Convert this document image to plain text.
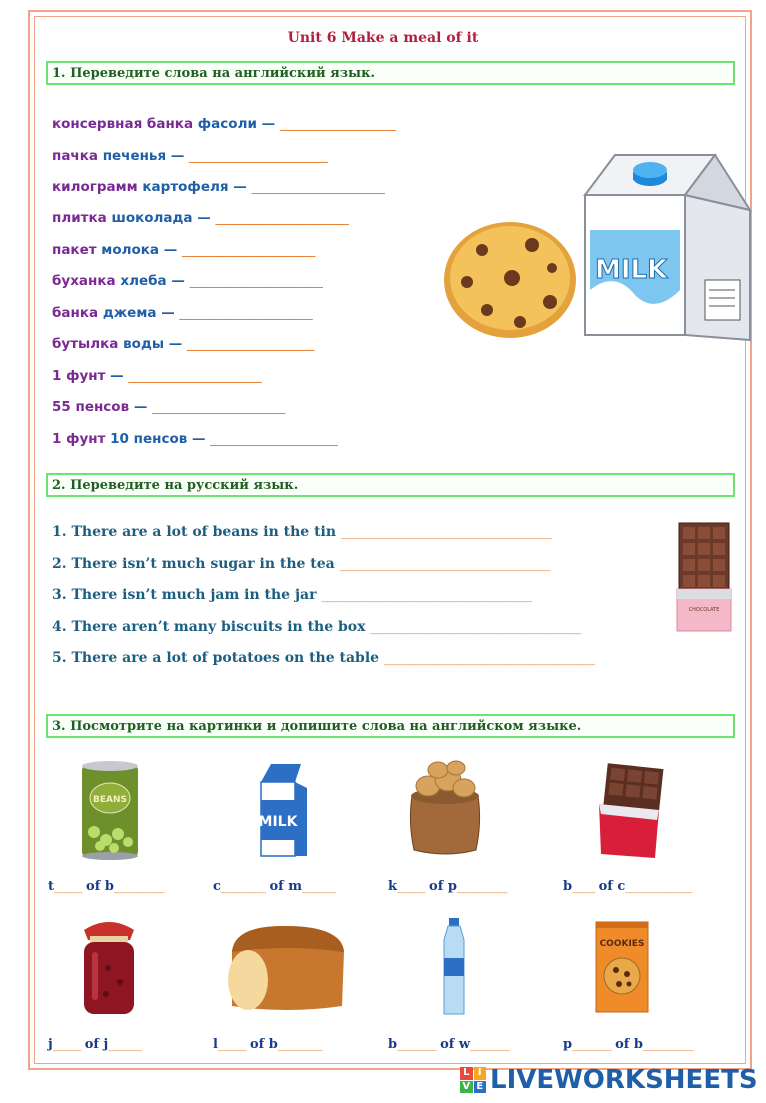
Unit 6 Make a meal of it
1. Переведите слова на английский язык.
консервная банка фасоли — ____________________
пачка печенья — ________________________
килограмм картофеля — _______________________
плитка шоколада — _______________________
пакет молока — _______________________
буханка хлеба — _______________________
банка джема — _______________________
бутылка воды — ______________________
1 фунт — _______________________
55 пенсов — _______________________
1 фунт 10 пенсов — ______________________
MILK
2. Переведите на русский язык.
1. There are a lot of beans in the tin ___________________________________
2. There isn’t much sugar in the tea ___________________________________
3. There isn’t much jam in the jar ___________________________________
4. There aren’t many biscuits in the box ___________________________________
5. There are a lot of potatoes on the table ___________________________________
CHOCOLATE
3. Посмотрите на картинки и допишите слова на английском языке.
BEANS
MILK
t_____ of b_________	c________ of m______	k_____ of p_________	b____ of c____________
COOKIES
j_____ of j______	l_____ of b________	b_______ of w_______	p_______ of b_________
L I
V E LIVEWORKSHEETS
